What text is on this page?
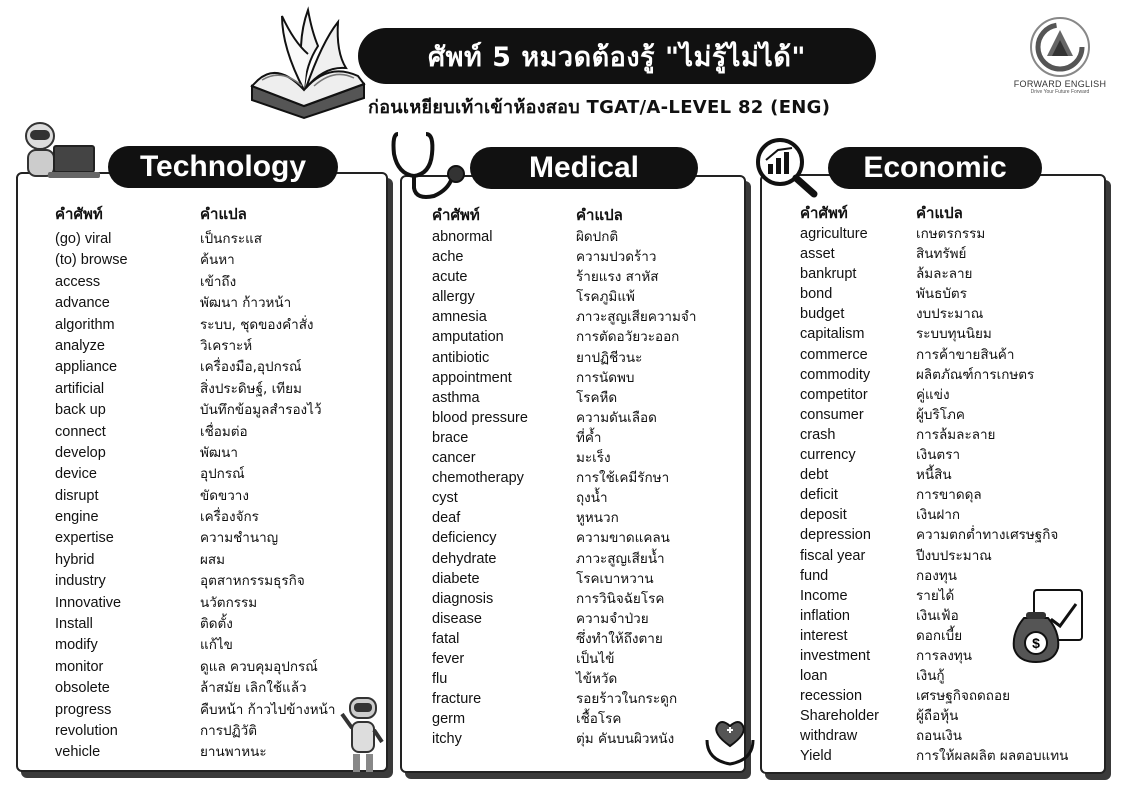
ศัพท์ 5 หมวดต้องรู้ "ไม่รู้ไม่ได้"
ก่อนเหยียบเท้าเข้าห้องสอบ TGAT/A-LEVEL 82 (ENG)
FORWARD ENGLISH
Drive Your Future Forward
$
Technology
คำศัพท์	คำแปล
(go) viral	เป็นกระแส
(to) browse	ค้นหา
access	เข้าถึง
advance	พัฒนา ก้าวหน้า
algorithm	ระบบ, ชุดของคำสั่ง
analyze	วิเคราะห์
appliance	เครื่องมือ,อุปกรณ์
artificial	สิ่งประดิษฐ์, เทียม
back up	บันทึกข้อมูลสำรองไว้
connect	เชื่อมต่อ
develop	พัฒนา
device	อุปกรณ์
disrupt	ขัดขวาง
engine	เครื่องจักร
expertise	ความชำนาญ
hybrid	ผสม
industry	อุตสาหกรรมธุรกิจ
Innovative	นวัตกรรม
Install	ติดตั้ง
modify	แก้ไข
monitor	ดูแล ควบคุมอุปกรณ์
obsolete	ล้าสมัย เลิกใช้แล้ว
progress	คืบหน้า ก้าวไปข้างหน้า
revolution	การปฏิวัติ
vehicle	ยานพาหนะ
Medical
คำศัพท์	คำแปล
abnormal	ผิดปกติ
ache	ความปวดร้าว
acute	ร้ายแรง สาหัส
allergy	โรคภูมิแพ้
amnesia	ภาวะสูญเสียความจำ
amputation	การตัดอวัยวะออก
antibiotic	ยาปฏิชีวนะ
appointment	การนัดพบ
asthma	โรคหืด
blood pressure	ความดันเลือด
brace	ที่ค้ำ
cancer	มะเร็ง
chemotherapy	การใช้เคมีรักษา
cyst	ถุงน้ำ
deaf	หูหนวก
deficiency	ความขาดแคลน
dehydrate	ภาวะสูญเสียน้ำ
diabete	โรคเบาหวาน
diagnosis	การวินิจฉัยโรค
disease	ความจำป่วย
fatal	ซึ่งทำให้ถึงตาย
fever	เป็นไข้
flu	ไข้หวัด
fracture	รอยร้าวในกระดูก
germ	เชื้อโรค
itchy	ตุ่ม คันบนผิวหนัง
Economic
คำศัพท์	คำแปล
agriculture	เกษตรกรรม
asset	สินทรัพย์
bankrupt	ล้มละลาย
bond	พันธบัตร
budget	งบประมาณ
capitalism	ระบบทุนนิยม
commerce	การค้าขายสินค้า
commodity	ผลิตภัณฑ์การเกษตร
competitor	คู่แข่ง
consumer	ผู้บริโภค
crash	การล้มละลาย
currency	เงินตรา
debt	หนี้สิน
deficit	การขาดดุล
deposit	เงินฝาก
depression	ความตกต่ำทางเศรษฐกิจ
fiscal year	ปีงบประมาณ
fund	กองทุน
Income	รายได้
inflation	เงินเฟ้อ
interest	ดอกเบี้ย
investment	การลงทุน
loan	เงินกู้
recession	เศรษฐกิจถดถอย
Shareholder	ผู้ถือหุ้น
withdraw	ถอนเงิน
Yield	การให้ผลผลิต ผลตอบแทน
